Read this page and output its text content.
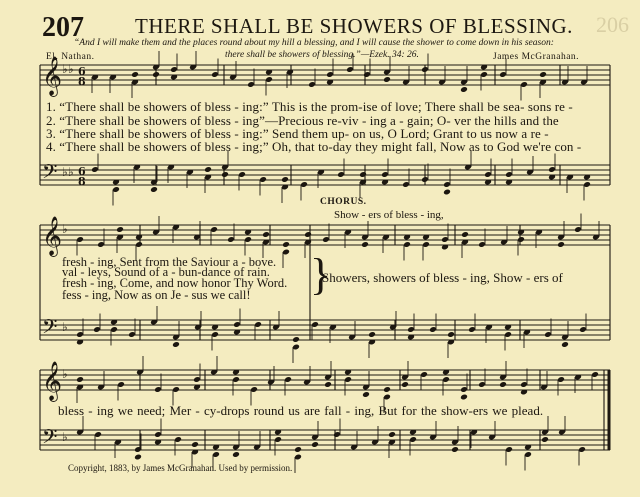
207 THERE SHALL BE SHOWERS OF BLESSING. 206
“And I will make them and the places round about my hill a blessing, and I will cause the shower to come down in his season:
there shall be showers of blessing.”—Ezek. 34: 26.
El. Nathan.	James McGranahan.
𝄞
𝄢
𝄞
𝄢
𝄞
𝄢
♭ ♭
♭ ♭
♭
♭
♭
♭
6
8
6
8
1. “There shall be showers of bless - ing:” This is the prom-ise of love; There shall be sea- sons re -
2. “There shall be showers of bless - ing”—Precious re-viv - ing a - gain; O- ver the hills and the
3. “There shall be showers of bless - ing:” Send them up- on us, O Lord; Grant to us now a re -
4. “There shall be showers of bless - ing;” Oh, that to-day they might fall, Now as to God we're con -
CHORUS.
Show - ers of bless - ing,
fresh - ing, Sent from the Saviour a - bove.
val - leys, Sound of a - bun-dance of rain.
fresh - ing, Come, and now honor Thy Word.
fess - ing, Now as on Je - sus we call! }
Showers, showers of bless - ing, Show - ers of
bless - ing we need; Mer - cy-drops round us are fall - ing, But for the show-ers we plead.
Copyright, 1883, by James McGranahan. Used by permission.
